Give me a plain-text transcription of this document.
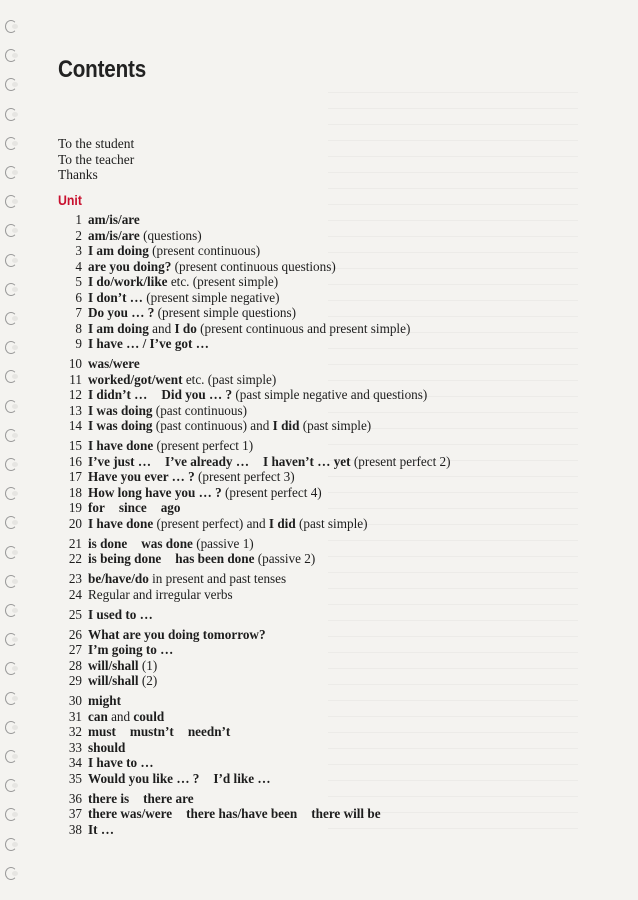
Contents
To the student
To the teacher
Thanks
Unit
1 am/is/are
2 am/is/are (questions)
3 I am doing (present continuous)
4 are you doing? (present continuous questions)
5 I do/work/like etc. (present simple)
6 I don’t … (present simple negative)
7 Do you … ? (present simple questions)
8 I am doing and I do (present continuous and present simple)
9 I have … / I’ve got …
10 was/were
11 worked/got/went etc. (past simple)
12 I didn’t … Did you … ? (past simple negative and questions)
13 I was doing (past continuous)
14 I was doing (past continuous) and I did (past simple)
15 I have done (present perfect 1)
16 I’ve just … I’ve already … I haven’t … yet (present perfect 2)
17 Have you ever … ? (present perfect 3)
18 How long have you … ? (present perfect 4)
19 for since ago
20 I have done (present perfect) and I did (past simple)
21 is done was done (passive 1)
22 is being done has been done (passive 2)
23 be/have/do in present and past tenses
24 Regular and irregular verbs
25 I used to …
26 What are you doing tomorrow?
27 I’m going to …
28 will/shall (1)
29 will/shall (2)
30 might
31 can and could
32 must mustn’t needn’t
33 should
34 I have to …
35 Would you like … ? I’d like …
36 there is there are
37 there was/were there has/have been there will be
38 It …
